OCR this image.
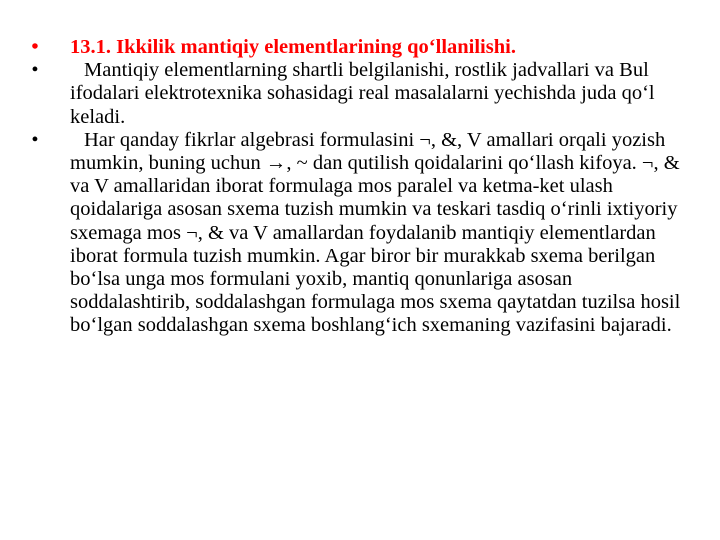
• 13.1. Ikkilik mantiqiy elementlarining qo‘llanilishi.
•	Mantiqiy elementlarning shartli belgilanishi, rostlik jadvallari va Bul ifodalari elektrotexnika sohasidagi real masalalarni yechishda juda qo‘l keladi.
•	Har qanday fikrlar algebrasi formulasini ¬, &, V amallari orqali yozish mumkin, buning uchun →, ~ dan qutilish qoidalarini qo‘llash kifoya. ¬, & va V amallaridan iborat formulaga mos paralel va ketma-ket ulash qoidalariga asosan sxema tuzish mumkin va teskari tasdiq o‘rinli ixtiyoriy sxemaga mos ¬, & va V amallardan foydalanib mantiqiy elementlardan iborat formula tuzish mumkin. Agar biror bir murakkab sxema berilgan bo‘lsa unga mos formulani yoxib, mantiq qonunlariga asosan soddalashtirib, soddalashgan formulaga mos sxema qaytatdan tuzilsa hosil bo‘lgan soddalashgan sxema boshlang‘ich sxemaning vazifasini bajaradi.
